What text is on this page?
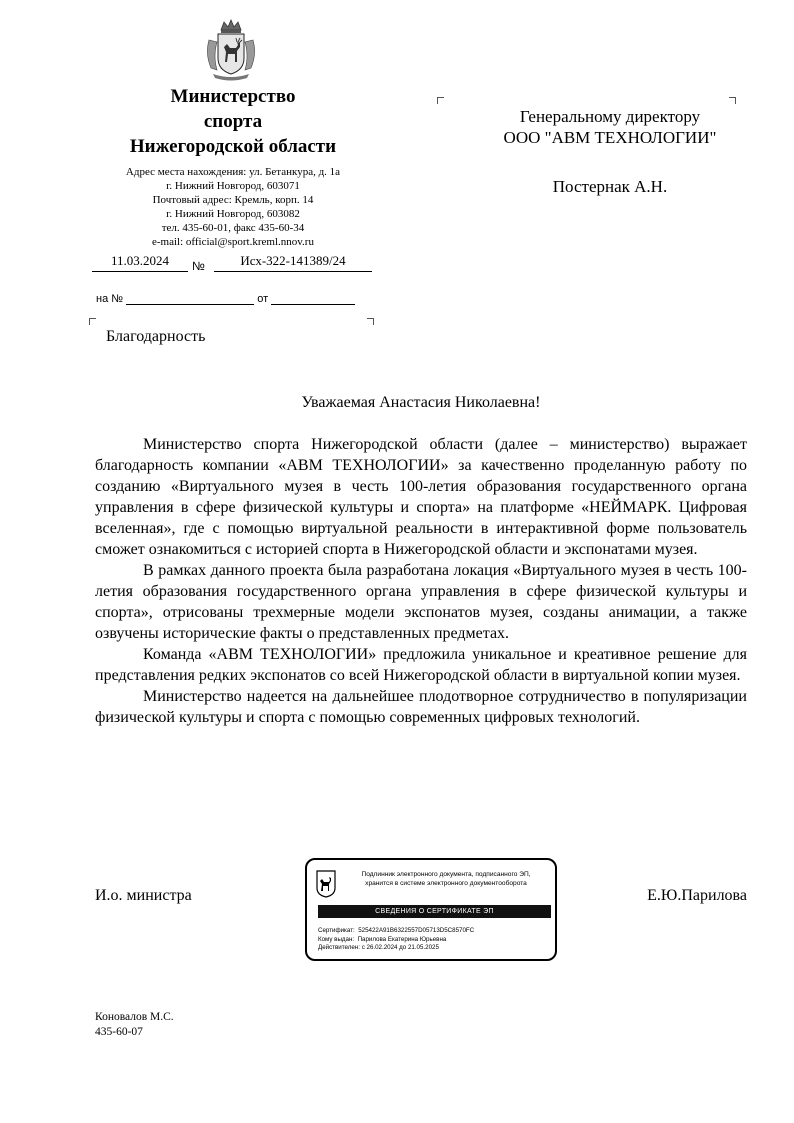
Министерство
спорта
Нижегородской области
Адрес места нахождения: ул. Бетанкура, д. 1а
г. Нижний Новгород, 603071
Почтовый адрес: Кремль, корп. 14
г. Нижний Новгород, 603082
тел. 435-60-01, факс 435-60-34
e-mail: official@sport.kreml.nnov.ru
11.03.2024	№	Исх-322-141389/24
на №	от
Генеральному директору
ООО "АВМ ТЕХНОЛОГИИ"
Постернак А.Н.
Благодарность
Уважаемая Анастасия Николаевна!

Министерство спорта Нижегородской области (далее – министерство) выражает благодарность компании «АВМ ТЕХНОЛОГИИ» за качественно проделанную работу по созданию «Виртуального музея в честь 100-летия образования государственного органа управления в сфере физической культуры и спорта» на платформе «НЕЙМАРК. Цифровая вселенная», где с помощью виртуальной реальности в интерактивной форме пользователь сможет ознакомиться с историей спорта в Нижегородской области и экспонатами музея.

В рамках данного проекта была разработана локация «Виртуального музея в честь 100-летия образования государственного органа управления в сфере физической культуры и спорта», отрисованы трехмерные модели экспонатов музея, созданы анимации, а также озвучены исторические факты о представленных предметах.

Команда «АВМ ТЕХНОЛОГИИ» предложила уникальное и креативное решение для представления редких экспонатов со всей Нижегородской области в виртуальной копии музея.

Министерство надеется на дальнейшее плодотворное сотрудничество в популяризации физической культуры и спорта с помощью современных цифровых технологий.

И.о. министра	Е.Ю.Парилова
Подлинник электронного документа, подписанного ЭП,
хранится в системе электронного документооборота
СВЕДЕНИЯ О СЕРТИФИКАТЕ ЭП
Сертификат: 525422A91B6322557D05713D5C8570FC
Кому выдан: Парилова Екатерина Юрьевна
Действителен: с 26.02.2024 до 21.05.2025
Коновалов М.С.
435-60-07
